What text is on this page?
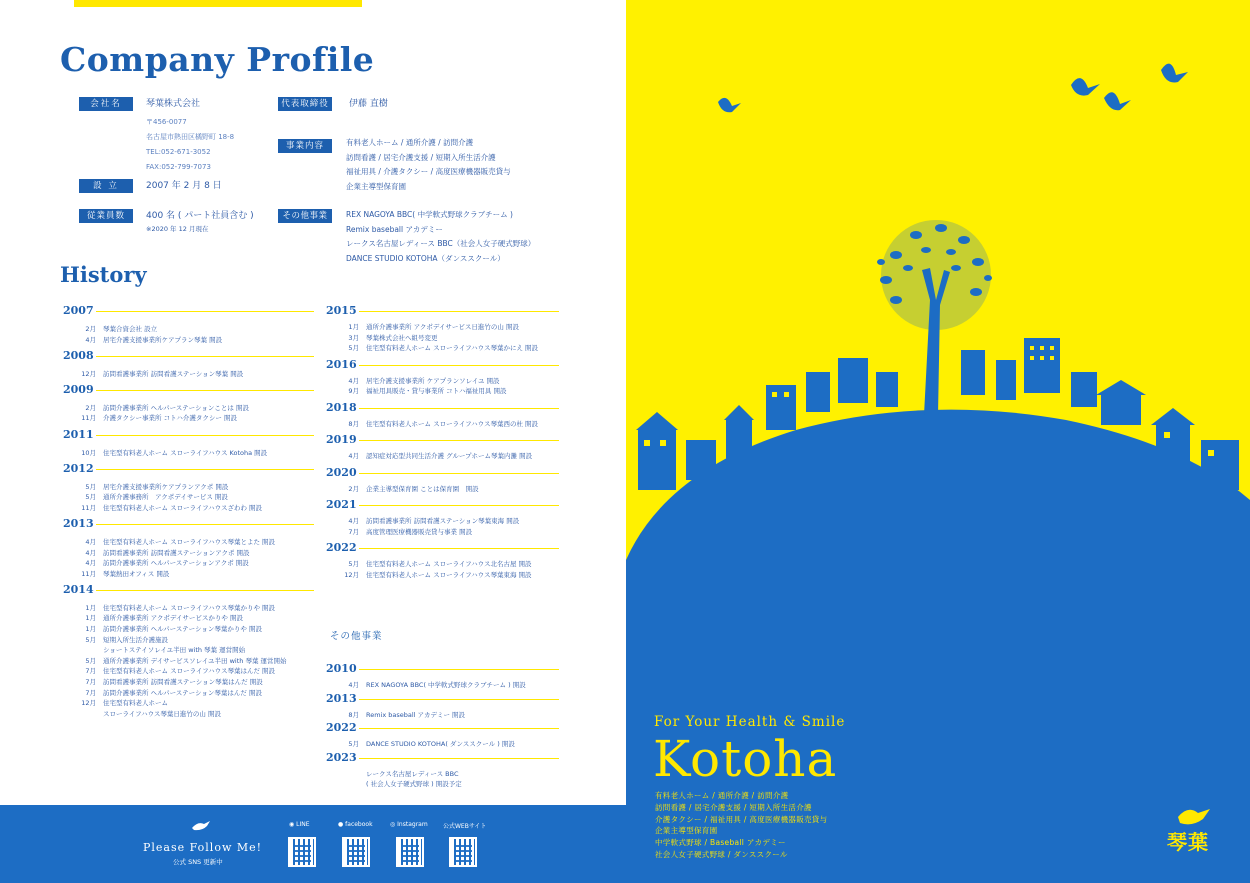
Company Profile
会社名	琴葉株式会社
〒456-0077
名古屋市熱田区橘野町 18-8
TEL:052-671-3052
FAX:052-799-7073
設 立	2007 年 2 月 8 日
従業員数	400 名 ( パート社員含む )
※2020 年 12 月現在
代表取締役	伊藤 直樹
事業内容	有料老人ホーム / 通所介護 / 訪問介護
訪問看護 / 居宅介護支援 / 短期入所生活介護
福祉用具 / 介護タクシー / 高度医療機器販売貸与
企業主導型保育園
その他事業	REX NAGOYA BBC( 中学軟式野球クラブチーム )
Remix baseball アカデミー
レークス名古屋レディース BBC（社会人女子硬式野球）
DANCE STUDIO KOTOHA（ダンススクール）
History
その他事業
Please Follow Me!
公式 SNS 更新中
◉ LINE	● facebook	◎ Instagram	公式WEBサイト
2007
2月 琴葉合資会社 設立
4月 居宅介護支援事業所ケアプラン琴葉 開設
2008
12月 訪問看護事業所 訪問看護ステーション琴葉 開設
2009
2月 訪問介護事業所 ヘルパーステーションことは 開設
11月 介護タクシー事業所 コトハ介護タクシー 開設
2011
10月 住宅型有料老人ホーム スローライフハウス Kotoha 開設
2012
5月 居宅介護支援事業所ケアプランアクポ 開設
5月 通所介護事務所　アクポデイサービス 開設
11月 住宅型有料老人ホーム スローライフハウスざわわ 開設
2013
4月 住宅型有料老人ホーム スローライフハウス琴葉とよた 開設
4月 訪問看護事業所 訪問看護ステーションアクポ 開設
4月 訪問介護事業所 ヘルパーステーションアクポ 開設
11月 琴葉熱田オフィス 開設
2014
1月 住宅型有料老人ホーム スローライフハウス琴葉かりや 開設
1月 通所介護事業所 アクポデイサービスかりや 開設
1月 訪問介護事業所 ヘルパーステーション琴葉かりや 開設
5月 短期入所生活介護施設
ショートステイソレイユ半田 with 琴葉 運営開始
5月 通所介護事業所 デイサービスソレイユ半田 with 琴葉 運営開始
7月 住宅型有料老人ホーム スローライフハウス琴葉はんだ 開設
7月 訪問看護事業所 訪問看護ステーション琴葉はんだ 開設
7月 訪問介護事業所 ヘルパーステーション琴葉はんだ 開設
12月 住宅型有料老人ホーム
スローライフハウス琴葉日進竹の山 開設
2015
1月 通所介護事業所 アクポデイサービス日進竹の山 開設
3月 琴葉株式会社へ組号変更
5月 住宅型有料老人ホーム スローライフハウス琴葉かにえ 開設
2016
4月 居宅介護支援事業所 ケアプランソレイユ 開設
9月 福祉用具販売・貸与事業所 コトハ福祉用具 開設
2018
8月 住宅型有料老人ホーム スローライフハウス琴葉西の杜 開設
2019
4月 認知症対応型共同生活介護 グループホーム琴葉内灘 開設
2020
2月 企業主導型保育園 ことは保育園　開設
2021
4月 訪問看護事業所 訪問看護ステーション琴葉東海 開設
7月 高度管理医療機器販売貸与事業 開設
2022
5月 住宅型有料老人ホーム スローライフハウス北名古屋 開設
12月 住宅型有料老人ホーム スローライフハウス琴葉東海 開設
2010
4月 REX NAGOYA BBC( 中学軟式野球クラブチーム ) 開設
2013
8月 Remix baseball アカデミー 開設
2022
5月 DANCE STUDIO KOTOHA( ダンススクール ) 開設
2023
レークス名古屋レディース BBC
( 社会人女子硬式野球 ) 開設予定
For Your Health & Smile
Kotoha
有料老人ホーム / 通所介護 / 訪問介護
訪問看護 / 居宅介護支援 / 短期入所生活介護
介護タクシー / 福祉用具 / 高度医療機器販売貸与
企業主導型保育園
中学軟式野球 / Baseball アカデミー
社会人女子硬式野球 / ダンススクール
琴葉
